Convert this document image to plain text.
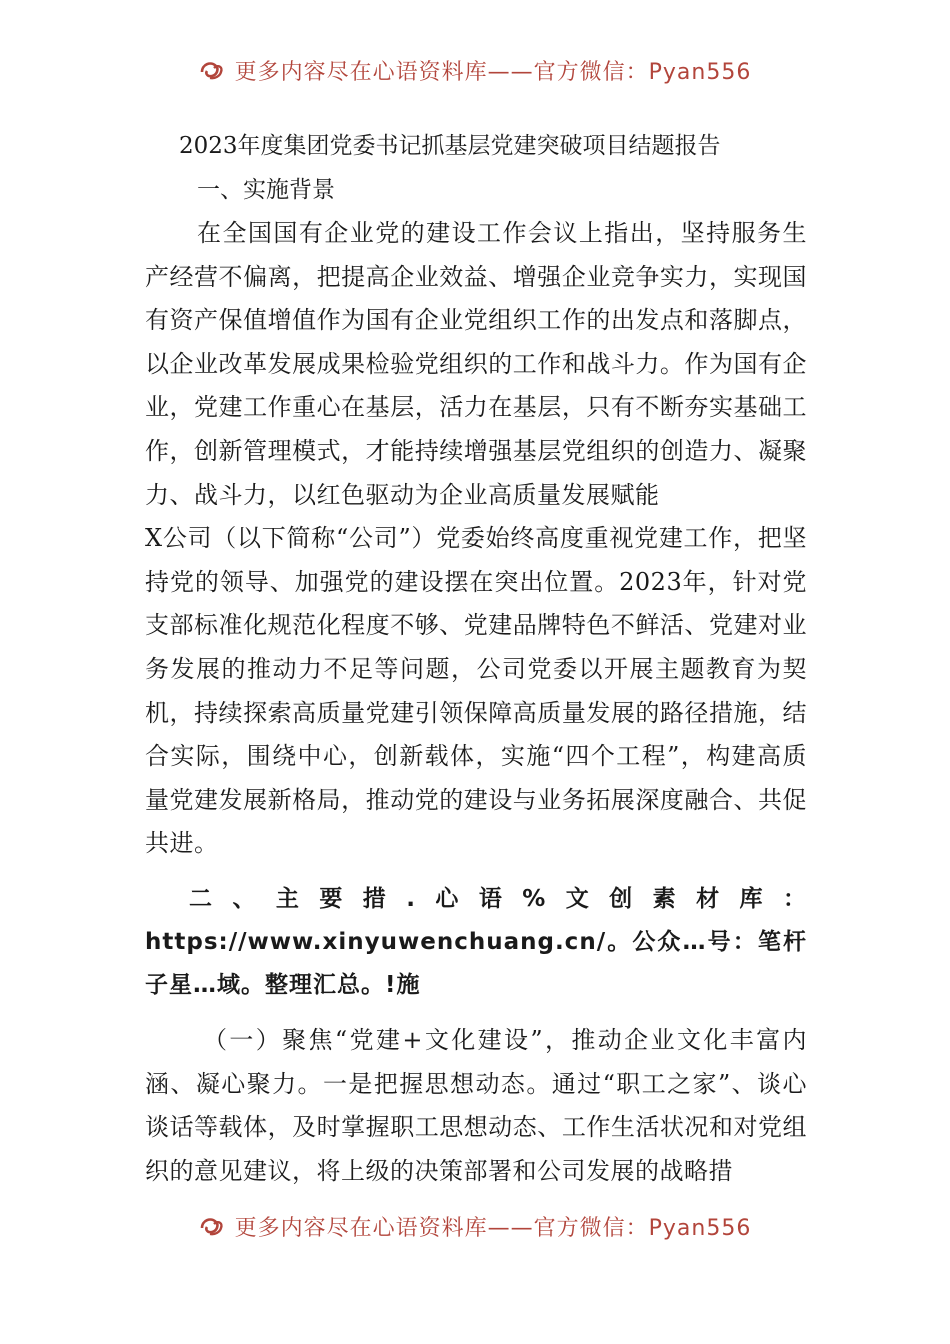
更多内容尽在心语资料库——官方微信：Pyan556
2023年度集团党委书记抓基层党建突破项目结题报告

一、实施背景

在全国国有企业党的建设工作会议上指出，坚持服务生产经营不偏离，把提高企业效益、增强企业竞争实力，实现国有资产保值增值作为国有企业党组织工作的出发点和落脚点，以企业改革发展成果检验党组织的工作和战斗力。作为国有企业，党建工作重心在基层，活力在基层，只有不断夯实基础工作，创新管理模式，才能持续增强基层党组织的创造力、凝聚力、战斗力，以红色驱动为企业高质量发展赋能

X公司（以下简称“公司”）党委始终高度重视党建工作，把坚持党的领导、加强党的建设摆在突出位置。2023年，针对党支部标准化规范化程度不够、党建品牌特色不鲜活、党建对业务发展的推动力不足等问题，公司党委以开展主题教育为契机，持续探索高质量党建引领保障高质量发展的路径措施，结合实际，围绕中心，创新载体，实施“四个工程”，构建高质量党建发展新格局，推动党的建设与业务拓展深度融合、共促共进。

二、主要措.心语%文创素材库：https://www.xinyuwenchuang.cn/。公众…号：笔杆子星…域。整理汇总。!施

（一）聚焦“党建+文化建设”，推动企业文化丰富内涵、凝心聚力。一是把握思想动态。通过“职工之家”、谈心谈话等载体，及时掌握职工思想动态、工作生活状况和对党组织的意见建议，将上级的决策部署和公司发展的战略措

更多内容尽在心语资料库——官方微信：Pyan556
